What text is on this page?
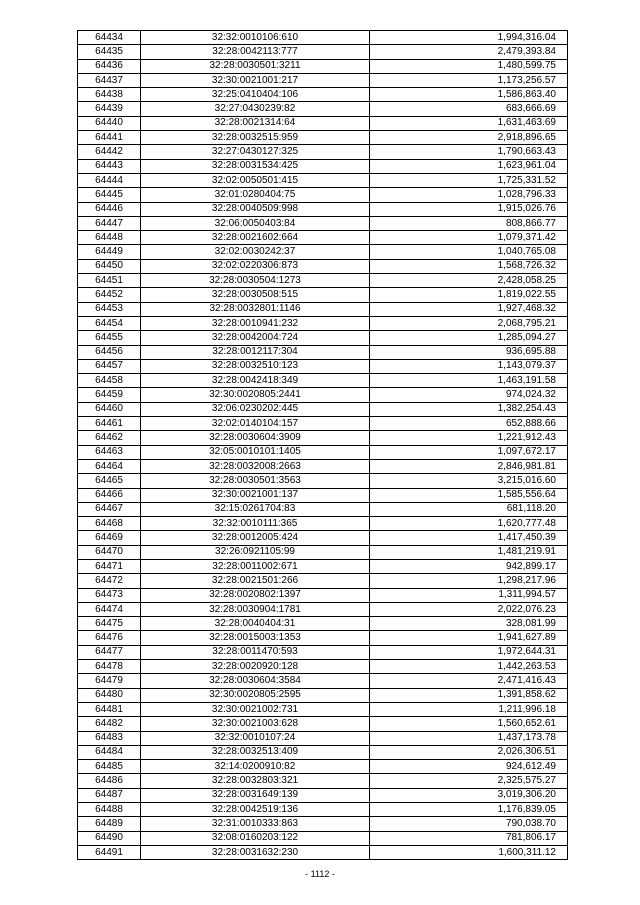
64434	32:32:0010106:610	1,994,316.04
64435	32:28:0042113:777	2,479,393.84
64436	32:28:0030501:3211	1,480,599.75
64437	32:30:0021001:217	1,173,256.57
64438	32:25:0410404:106	1,586,863.40
64439	32:27:0430239:82	683,666.69
64440	32:28:0021314:64	1,631,463.69
64441	32:28:0032515:959	2,918,896.65
64442	32:27:0430127:325	1,790,663.43
64443	32:28:0031534:425	1,623,961.04
64444	32:02:0050501:415	1,725,331.52
64445	32:01:0280404:75	1,028,796.33
64446	32:28:0040509:998	1,915,026.76
64447	32:06:0050403:84	808,866.77
64448	32:28:0021602:664	1,079,371.42
64449	32:02:0030242:37	1,040,765.08
64450	32:02:0220306:873	1,568,726.32
64451	32:28:0030504:1273	2,428,058.25
64452	32:28:0030508:515	1,819,022.55
64453	32:28:0032801:1146	1,927,468.32
64454	32:28:0010941:232	2,068,795.21
64455	32:28:0042004:724	1,285,094.27
64456	32:28:0012117:304	936,695.88
64457	32:28:0032510:123	1,143,079.37
64458	32:28:0042418:349	1,463,191.58
64459	32:30:0020805:2441	974,024.32
64460	32:06:0230202:445	1,382,254.43
64461	32:02:0140104:157	652,888.66
64462	32:28:0030604:3909	1,221,912.43
64463	32:05:0010101:1405	1,097,672.17
64464	32:28:0032008:2663	2,846,981.81
64465	32:28:0030501:3563	3,215,016.60
64466	32:30:0021001:137	1,585,556.64
64467	32:15:0261704:83	681,118.20
64468	32:32:0010111:365	1,620,777.48
64469	32:28:0012005:424	1,417,450.39
64470	32:26:0921105:99	1,481,219.91
64471	32:28:0011002:671	942,899.17
64472	32:28:0021501:266	1,298,217.96
64473	32:28:0020802:1397	1,311,994.57
64474	32:28:0030904:1781	2,022,076.23
64475	32:28:0040404:31	328,081.99
64476	32:28:0015003:1353	1,941,627.89
64477	32:28:0011470:593	1,972,644.31
64478	32:28:0020920:128	1,442,263.53
64479	32:28:0030604:3584	2,471,416.43
64480	32:30:0020805:2595	1,391,858.62
64481	32:30:0021002:731	1,211,996.18
64482	32:30:0021003:628	1,560,652.61
64483	32:32:0010107:24	1,437,173.78
64484	32:28:0032513:409	2,026,306.51
64485	32:14:0200910:82	924,612.49
64486	32:28:0032803:321	2,325,575.27
64487	32:28:0031649:139	3,019,306.20
64488	32:28:0042519:136	1,176,839.05
64489	32:31:0010333:863	790,038.70
64490	32:08:0160203:122	781,806.17
64491	32:28:0031632:230	1,600,311.12
- 1112 -
